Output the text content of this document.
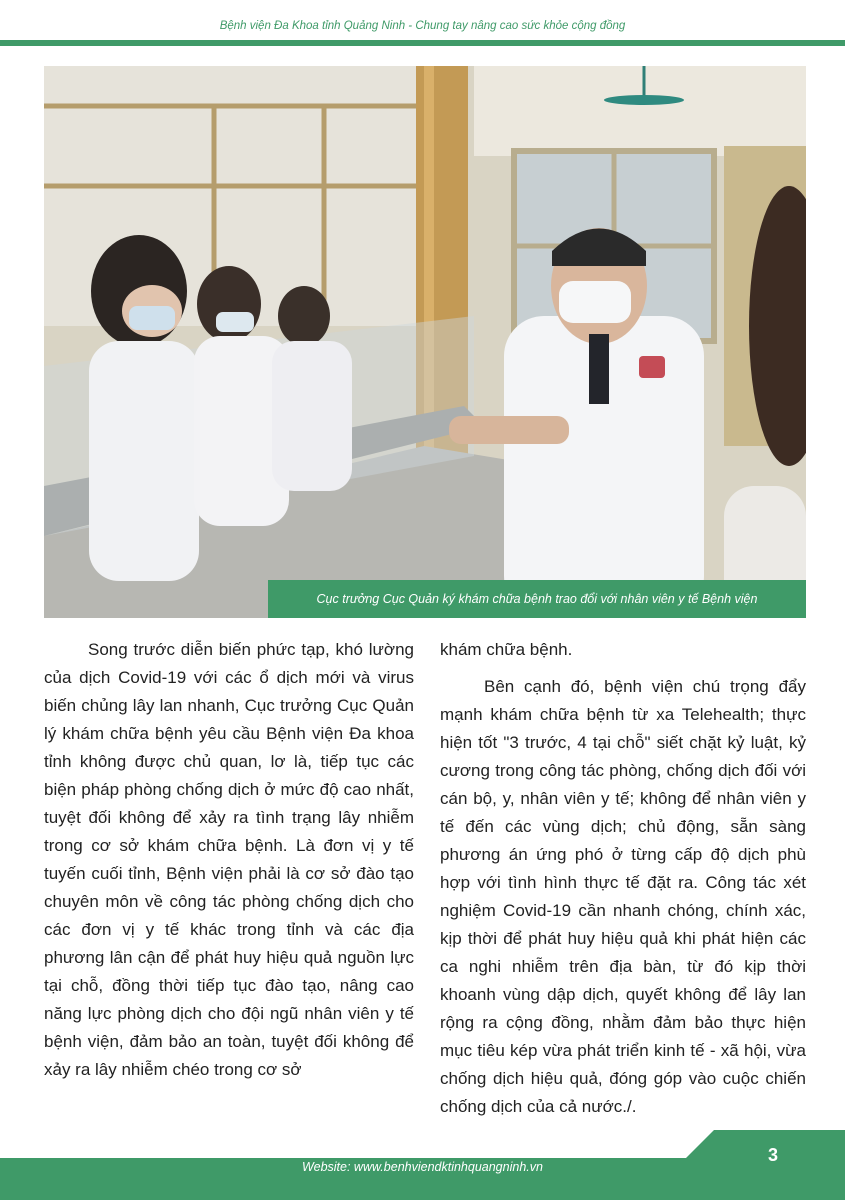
Bệnh viện Đa Khoa tỉnh Quảng Ninh - Chung tay nâng cao sức khỏe cộng đồng
Cục trưởng Cục Quản ký khám chữa bệnh trao đổi với nhân viên y tế Bệnh viện

Song trước diễn biến phức tạp, khó lường của dịch Covid-19 với các ổ dịch mới và virus biến chủng lây lan nhanh, Cục trưởng Cục Quản lý khám chữa bệnh yêu cầu Bệnh viện Đa khoa tỉnh không được chủ quan, lơ là, tiếp tục các biện pháp phòng chống dịch ở mức độ cao nhất, tuyệt đối không để xảy ra tình trạng lây nhiễm trong cơ sở khám chữa bệnh. Là đơn vị y tế tuyến cuối tỉnh, Bệnh viện phải là cơ sở đào tạo chuyên môn về công tác phòng chống dịch cho các đơn vị y tế khác trong tỉnh và các địa phương lân cận để phát huy hiệu quả nguồn lực tại chỗ, đồng thời tiếp tục đào tạo, nâng cao năng lực phòng dịch cho đội ngũ nhân viên y tế bệnh viện, đảm bảo an toàn, tuyệt đối không để xảy ra lây nhiễm chéo trong cơ sở

khám chữa bệnh.

Bên cạnh đó, bệnh viện chú trọng đẩy mạnh khám chữa bệnh từ xa Telehealth; thực hiện tốt "3 trước, 4 tại chỗ" siết chặt kỷ luật, kỷ cương trong công tác phòng, chống dịch đối với cán bộ, y, nhân viên y tế; không để nhân viên y tế đến các vùng dịch; chủ động, sẵn sàng phương án ứng phó ở từng cấp độ dịch phù hợp với tình hình thực tế đặt ra. Công tác xét nghiệm Covid-19 cần nhanh chóng, chính xác, kịp thời để phát huy hiệu quả khi phát hiện các ca nghi nhiễm trên địa bàn, từ đó kịp thời khoanh vùng dập dịch, quyết không để lây lan rộng ra cộng đồng, nhằm đảm bảo thực hiện mục tiêu kép vừa phát triển kinh tế - xã hội, vừa chống dịch hiệu quả, đóng góp vào cuộc chiến chống dịch của cả nước./.

Website: www.benhviendktinhquangninh.vn
3
